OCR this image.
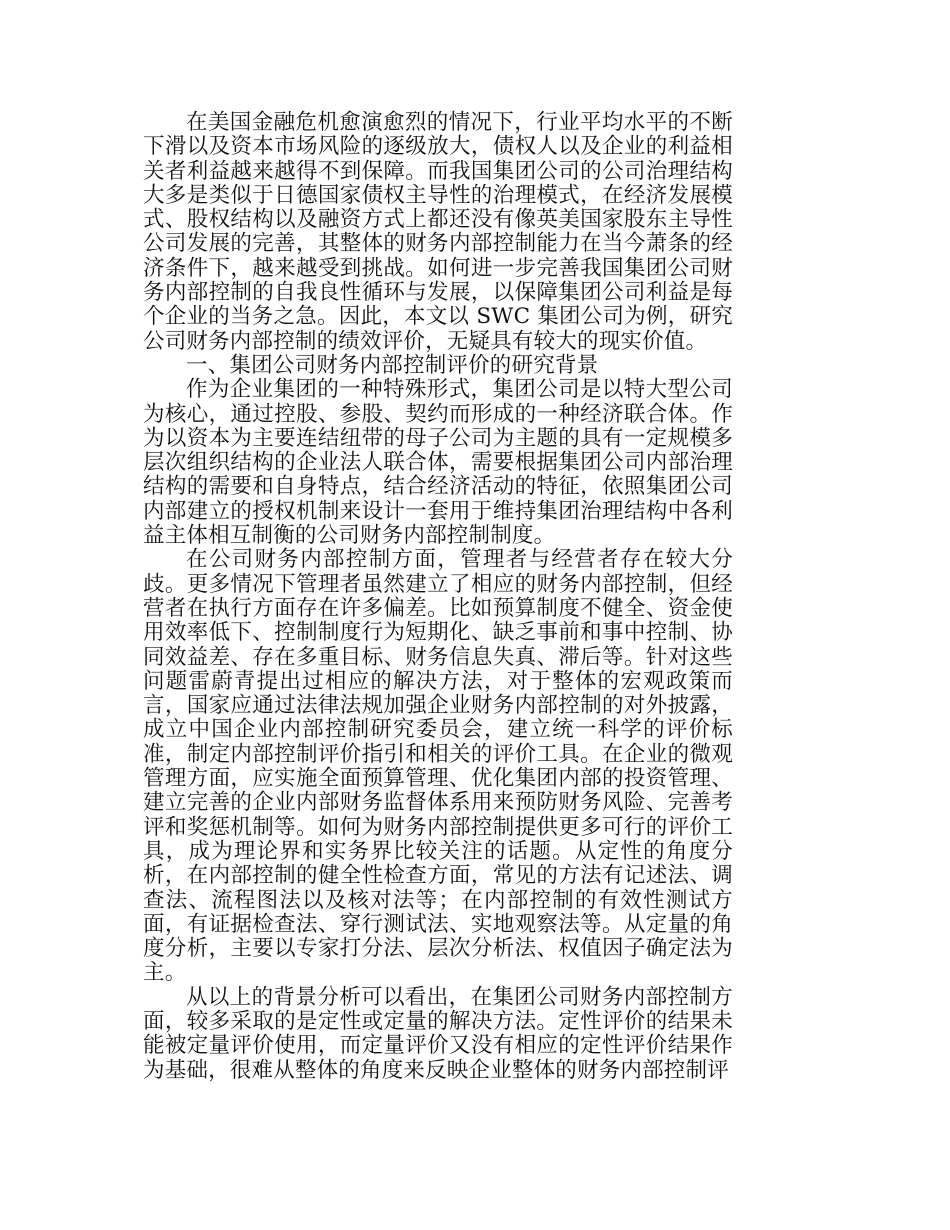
在美国金融危机愈演愈烈的情况下，行业平均水平的不断下滑以及资本市场风险的逐级放大，债权人以及企业的利益相关者利益越来越得不到保障。而我国集团公司的公司治理结构大多是类似于日德国家债权主导性的治理模式，在经济发展模式、股权结构以及融资方式上都还没有像英美国家股东主导性公司发展的完善，其整体的财务内部控制能力在当今萧条的经济条件下，越来越受到挑战。如何进一步完善我国集团公司财务内部控制的自我良性循环与发展，以保障集团公司利益是每个企业的当务之急。因此，本文以 SWC 集团公司为例，研究公司财务内部控制的绩效评价，无疑具有较大的现实价值。

一、集团公司财务内部控制评价的研究背景

作为企业集团的一种特殊形式，集团公司是以特大型公司为核心，通过控股、参股、契约而形成的一种经济联合体。作为以资本为主要连结纽带的母子公司为主题的具有一定规模多层次组织结构的企业法人联合体，需要根据集团公司内部治理结构的需要和自身特点，结合经济活动的特征，依照集团公司内部建立的授权机制来设计一套用于维持集团治理结构中各利益主体相互制衡的公司财务内部控制制度。

在公司财务内部控制方面，管理者与经营者存在较大分歧。更多情况下管理者虽然建立了相应的财务内部控制，但经营者在执行方面存在许多偏差。比如预算制度不健全、资金使用效率低下、控制制度行为短期化、缺乏事前和事中控制、协同效益差、存在多重目标、财务信息失真、滞后等。针对这些问题雷蔚青提出过相应的解决方法，对于整体的宏观政策而言，国家应通过法律法规加强企业财务内部控制的对外披露，成立中国企业内部控制研究委员会，建立统一科学的评价标准，制定内部控制评价指引和相关的评价工具。在企业的微观管理方面，应实施全面预算管理、优化集团内部的投资管理、建立完善的企业内部财务监督体系用来预防财务风险、完善考评和奖惩机制等。如何为财务内部控制提供更多可行的评价工具，成为理论界和实务界比较关注的话题。从定性的角度分析，在内部控制的健全性检查方面，常见的方法有记述法、调查法、流程图法以及核对法等；在内部控制的有效性测试方面，有证据检查法、穿行测试法、实地观察法等。从定量的角度分析，主要以专家打分法、层次分析法、权值因子确定法为主。

从以上的背景分析可以看出，在集团公司财务内部控制方面，较多采取的是定性或定量的解决方法。定性评价的结果未能被定量评价使用，而定量评价又没有相应的定性评价结果作为基础，很难从整体的角度来反映企业整体的财务内部控制评
